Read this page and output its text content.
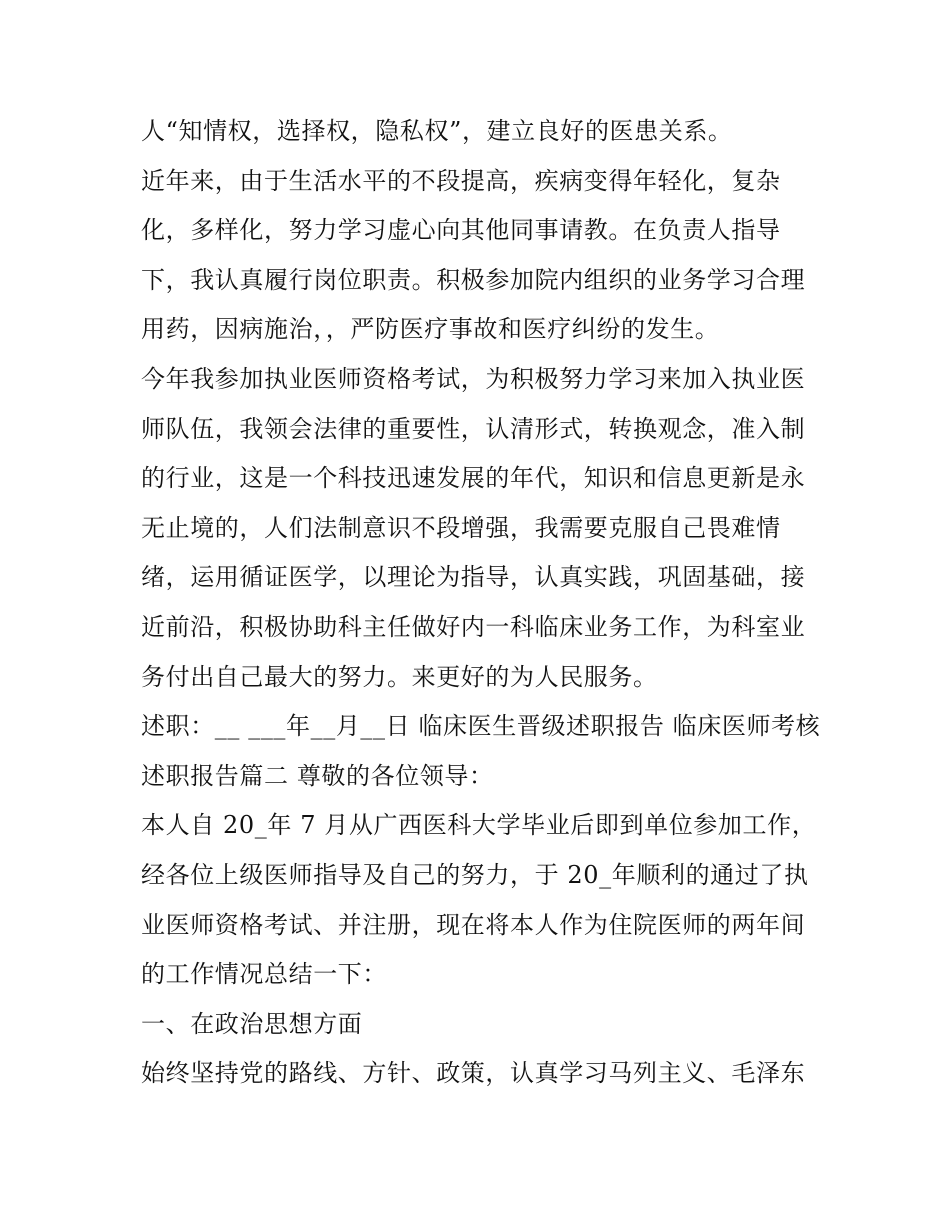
人“知情权，选择权，隐私权”，建立良好的医患关系。
近年来，由于生活水平的不段提高，疾病变得年轻化，复杂
化，多样化，努力学习虚心向其他同事请教。在负责人指导
下，我认真履行岗位职责。积极参加院内组织的业务学习合理
用药，因病施治，，严防医疗事故和医疗纠纷的发生。
今年我参加执业医师资格考试，为积极努力学习来加入执业医
师队伍，我领会法律的重要性，认清形式，转换观念，准入制
的行业，这是一个科技迅速发展的年代，知识和信息更新是永
无止境的，人们法制意识不段增强，我需要克服自己畏难情
绪，运用循证医学，以理论为指导，认真实践，巩固基础，接
近前沿，积极协助科主任做好内一科临床业务工作，为科室业
务付出自己最大的努力。来更好的为人民服务。
述职：__ ___年__月__日 临床医生晋级述职报告 临床医师考核
述职报告篇二 尊敬的各位领导：
本人自 20_年 7 月从广西医科大学毕业后即到单位参加工作，
经各位上级医师指导及自己的努力，于 20_年顺利的通过了执
业医师资格考试、并注册，现在将本人作为住院医师的两年间
的工作情况总结一下：
一、在政治思想方面
始终坚持党的路线、方针、政策，认真学习马列主义、毛泽东
